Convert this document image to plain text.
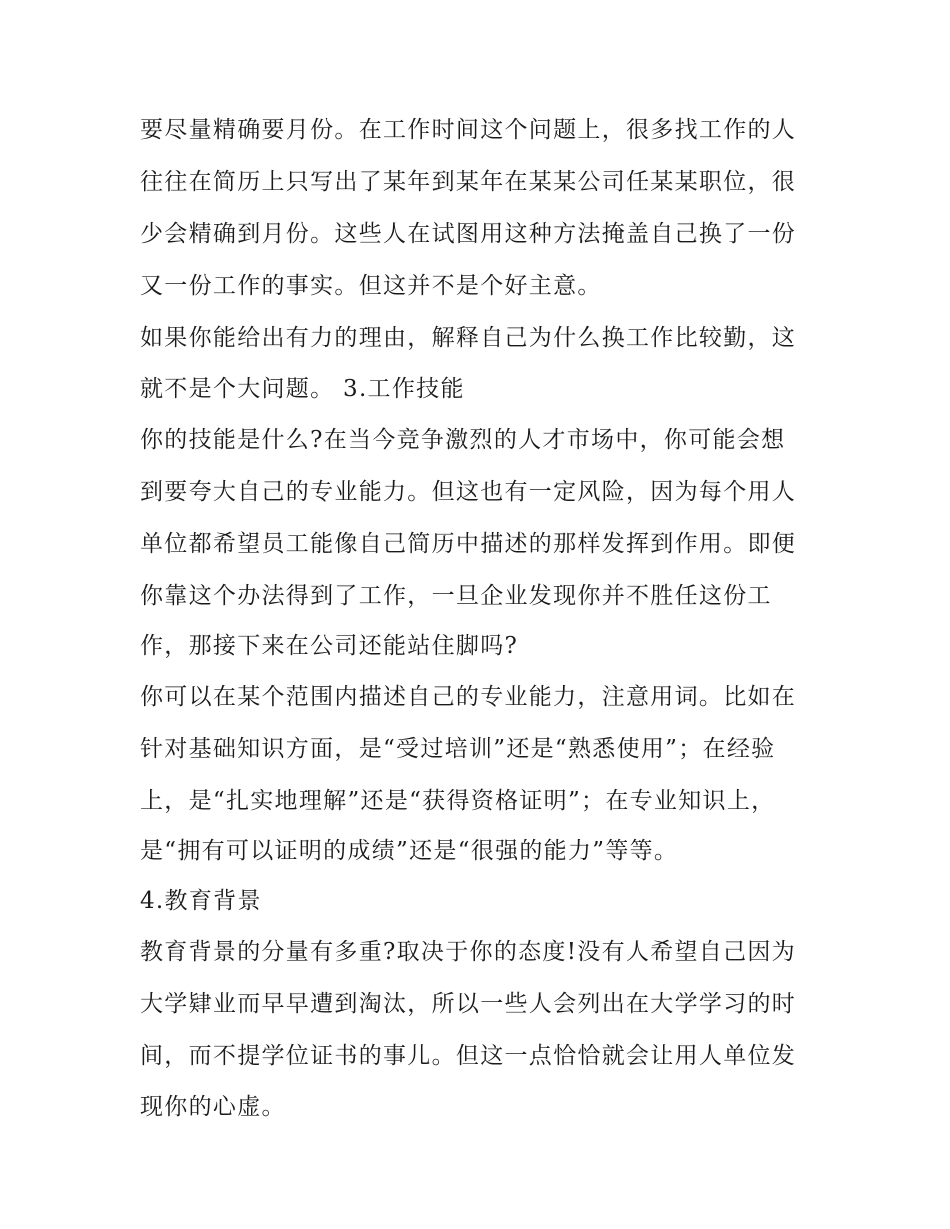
要尽量精确要月份。在工作时间这个问题上，很多找工作的人
往往在简历上只写出了某年到某年在某某公司任某某职位，很
少会精确到月份。这些人在试图用这种方法掩盖自己换了一份
又一份工作的事实。但这并不是个好主意。
如果你能给出有力的理由，解释自己为什么换工作比较勤，这
就不是个大问题。 3.工作技能
你的技能是什么?在当今竞争激烈的人才市场中，你可能会想
到要夸大自己的专业能力。但这也有一定风险，因为每个用人
单位都希望员工能像自己简历中描述的那样发挥到作用。即便
你靠这个办法得到了工作，一旦企业发现你并不胜任这份工
作，那接下来在公司还能站住脚吗?
你可以在某个范围内描述自己的专业能力，注意用词。比如在
针对基础知识方面，是“受过培训”还是“熟悉使用”；在经验
上，是“扎实地理解”还是“获得资格证明”；在专业知识上，
是“拥有可以证明的成绩”还是“很强的能力”等等。
4.教育背景
教育背景的分量有多重?取决于你的态度!没有人希望自己因为
大学肄业而早早遭到淘汰，所以一些人会列出在大学学习的时
间，而不提学位证书的事儿。但这一点恰恰就会让用人单位发
现你的心虚。
